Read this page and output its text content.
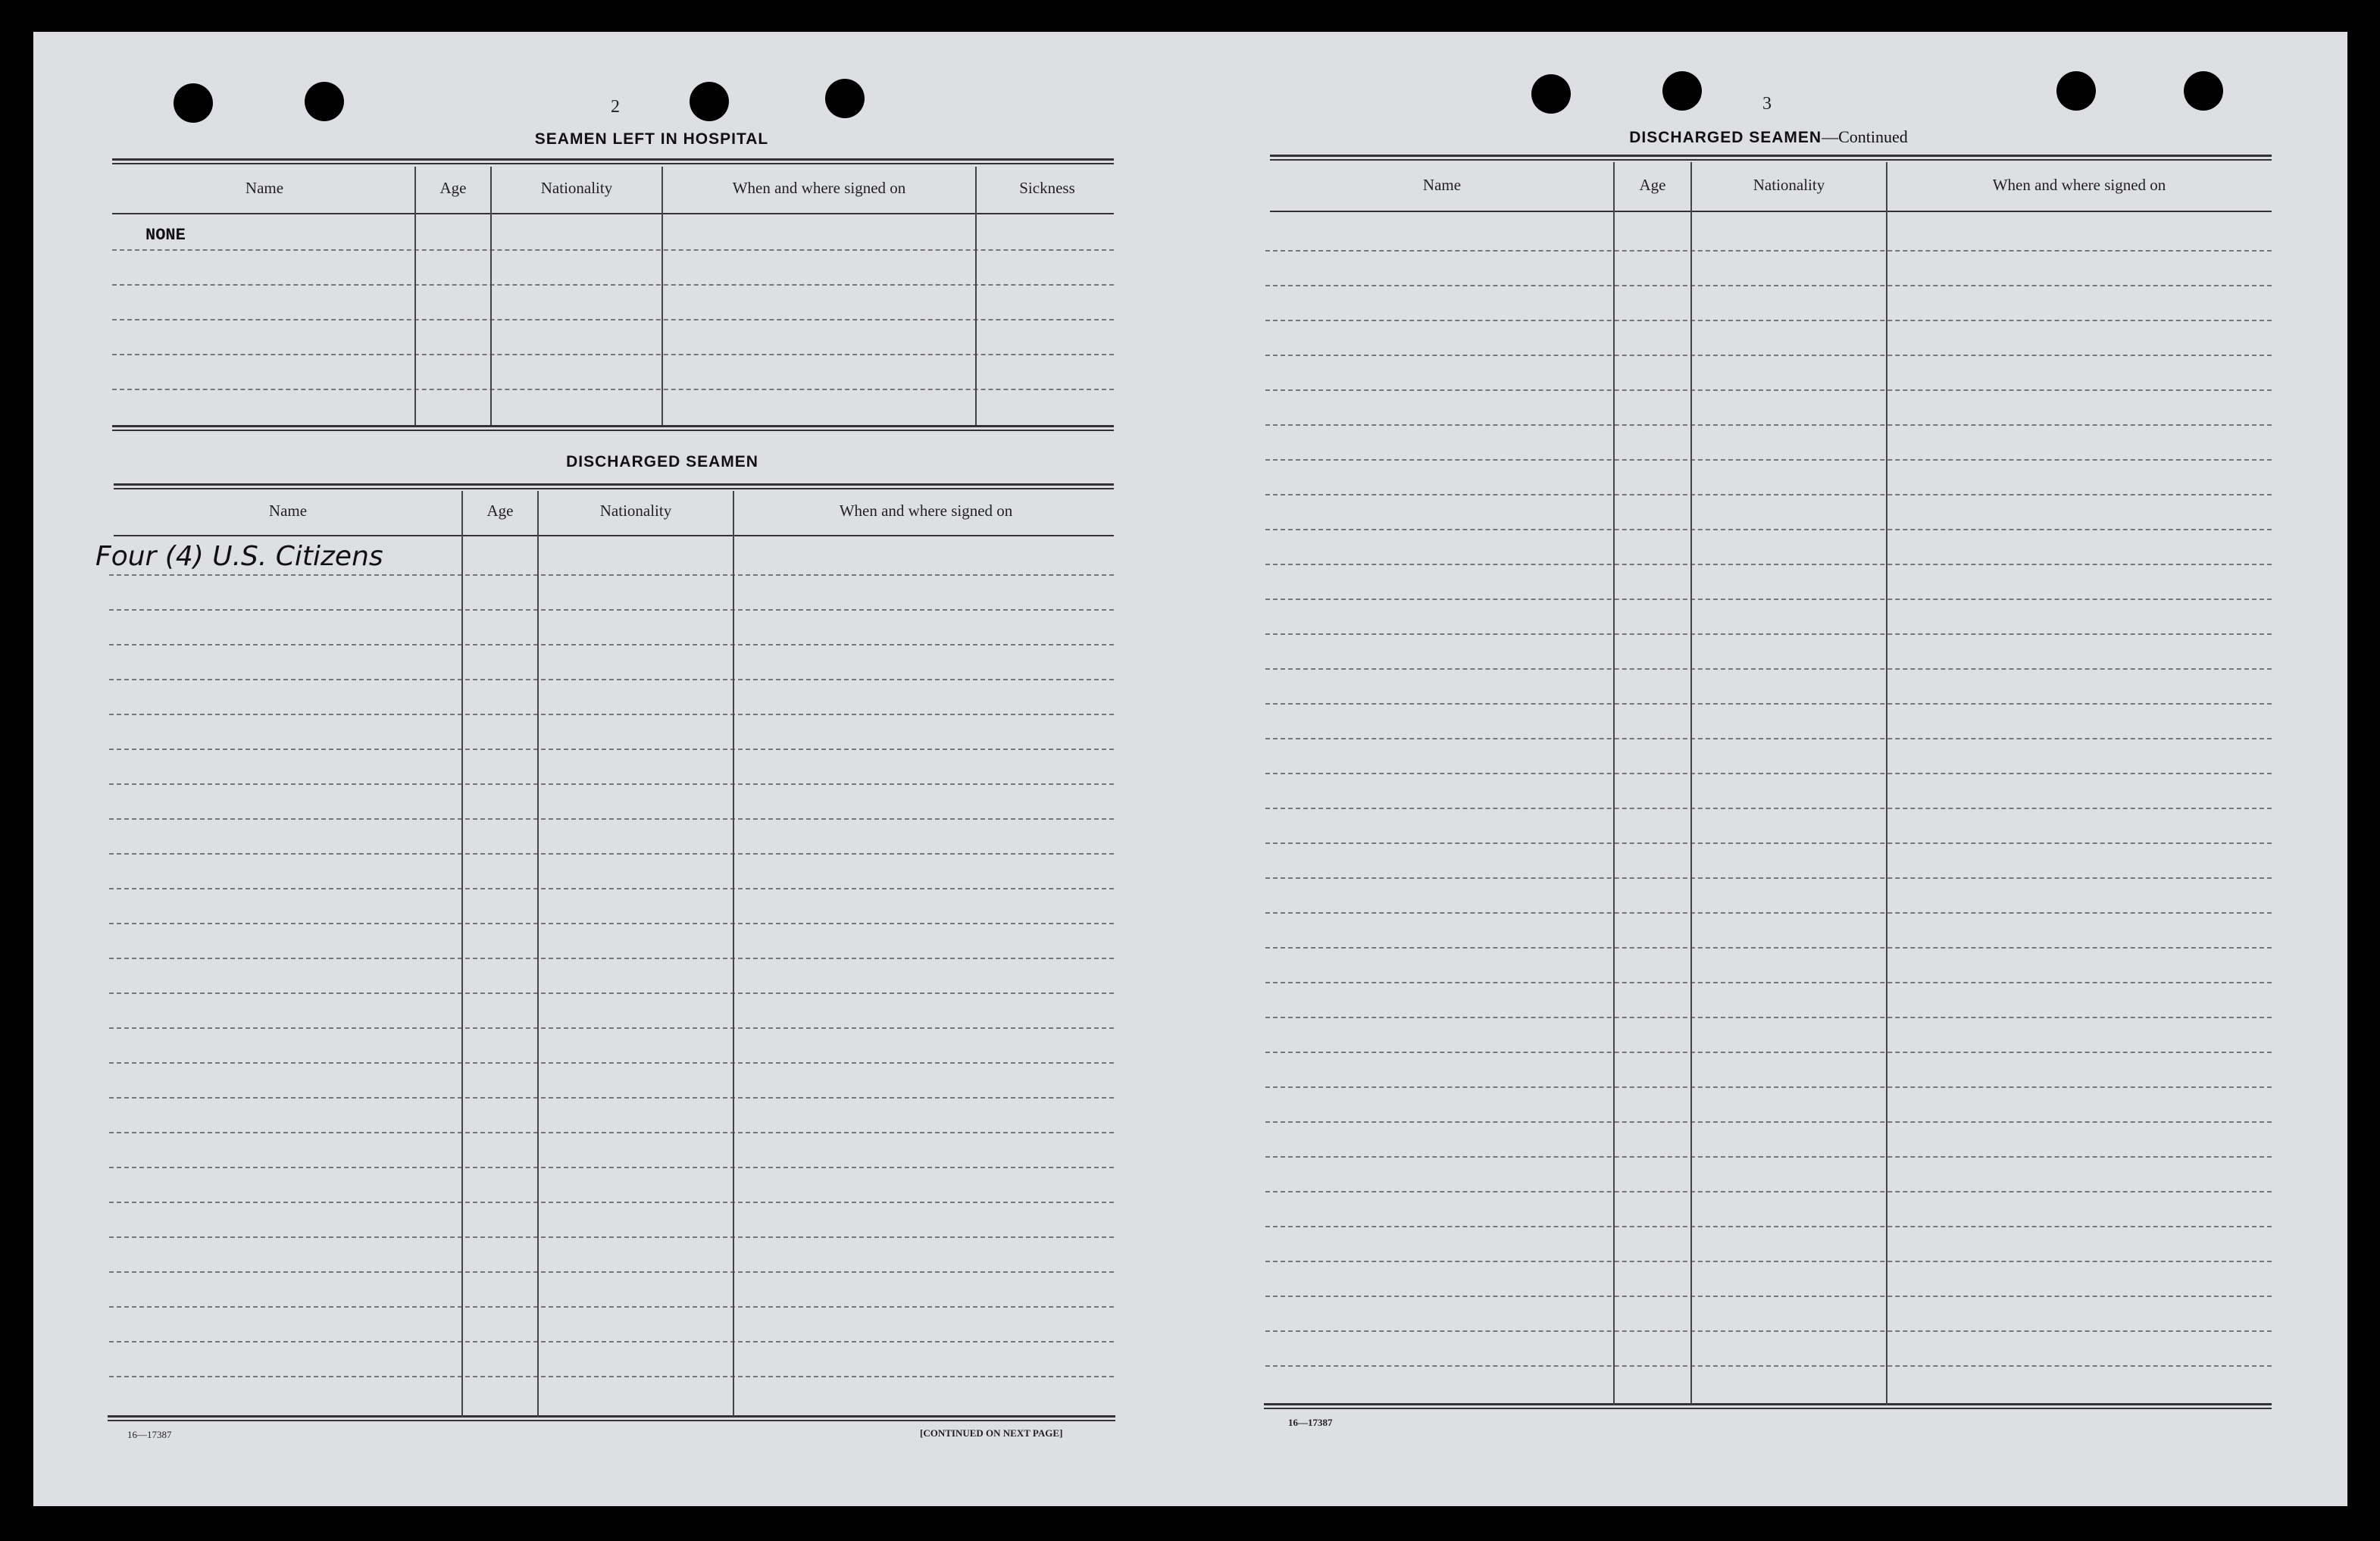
2
SEAMEN LEFT IN HOSPITAL
Name	Age	Nationality	When and where signed on	Sickness
NONE
DISCHARGED SEAMEN
Name	Age	Nationality	When and where signed on
Four (4) U.S. Citizens
16—17387	[CONTINUED ON NEXT PAGE]
3
DISCHARGED SEAMEN—Continued
Name	Age	Nationality	When and where signed on
16—17387
